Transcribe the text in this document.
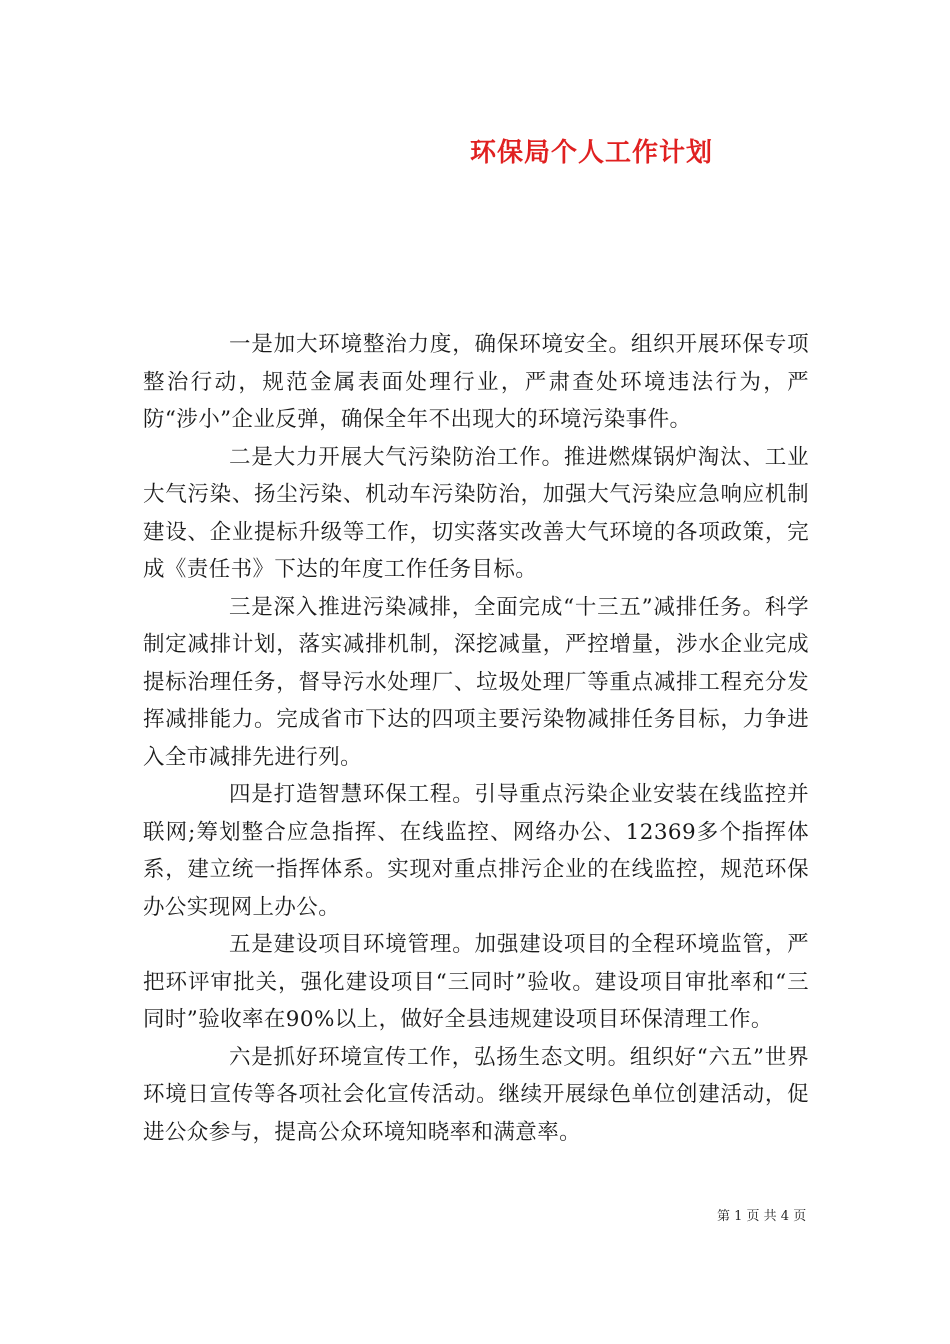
环保局个人工作计划

一是加大环境整治力度，确保环境安全。组织开展环保专项整治行动，规范金属表面处理行业，严肃查处环境违法行为，严防“涉小”企业反弹，确保全年不出现大的环境污染事件。

二是大力开展大气污染防治工作。推进燃煤锅炉淘汰、工业大气污染、扬尘污染、机动车污染防治，加强大气污染应急响应机制建设、企业提标升级等工作，切实落实改善大气环境的各项政策，完成《责任书》下达的年度工作任务目标。

三是深入推进污染减排，全面完成“十三五”减排任务。科学制定减排计划，落实减排机制，深挖减量，严控增量，涉水企业完成提标治理任务，督导污水处理厂、垃圾处理厂等重点减排工程充分发挥减排能力。完成省市下达的四项主要污染物减排任务目标，力争进入全市减排先进行列。

四是打造智慧环保工程。引导重点污染企业安装在线监控并联网;筹划整合应急指挥、在线监控、网络办公、12369多个指挥体系，建立统一指挥体系。实现对重点排污企业的在线监控，规范环保办公实现网上办公。

五是建设项目环境管理。加强建设项目的全程环境监管，严把环评审批关，强化建设项目“三同时”验收。建设项目审批率和“三同时”验收率在90%以上，做好全县违规建设项目环保清理工作。

六是抓好环境宣传工作，弘扬生态文明。组织好“六五”世界环境日宣传等各项社会化宣传活动。继续开展绿色单位创建活动，促进公众参与，提高公众环境知晓率和满意率。

第 1 页 共 4 页
